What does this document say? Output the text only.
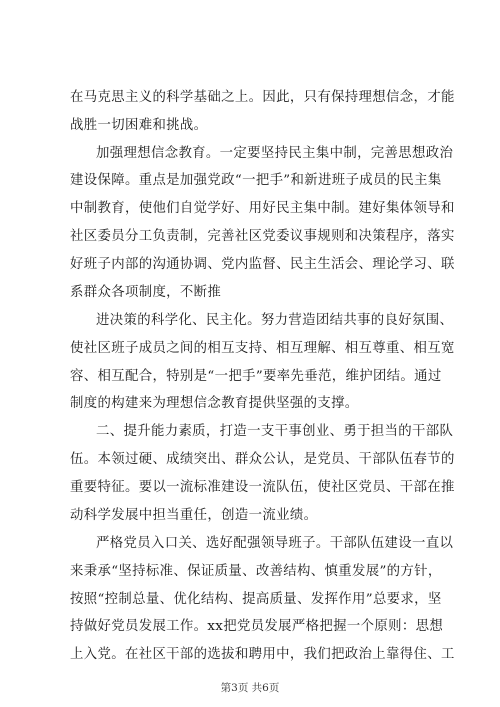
在马克思主义的科学基础之上。因此，只有保持理想信念，才能
战胜一切困难和挑战。
加强理想信念教育。一定要坚持民主集中制，完善思想政治
建设保障。重点是加强党政“一把手”和新进班子成员的民主集
中制教育，使他们自觉学好、用好民主集中制。建好集体领导和
社区委员分工负责制，完善社区党委议事规则和决策程序，落实
好班子内部的沟通协调、党内监督、民主生活会、理论学习、联
系群众各项制度，不断推
进决策的科学化、民主化。努力营造团结共事的良好氛围、
使社区班子成员之间的相互支持、相互理解、相互尊重、相互宽
容、相互配合，特别是“一把手”要率先垂范，维护团结。通过
制度的构建来为理想信念教育提供坚强的支撑。
二、提升能力素质，打造一支干事创业、勇于担当的干部队
伍。本领过硬、成绩突出、群众公认，是党员、干部队伍春节的
重要特征。要以一流标准建设一流队伍，使社区党员、干部在推
动科学发展中担当重任，创造一流业绩。
严格党员入口关、选好配强领导班子。干部队伍建设一直以
来秉承“坚持标准、保证质量、改善结构、慎重发展”的方针，
按照“控制总量、优化结构、提高质量、发挥作用”总要求，坚
持做好党员发展工作。xx把党员发展严格把握一个原则：思想
上入党。在社区干部的选拔和聘用中，我们把政治上靠得住、工
第3页 共6页
